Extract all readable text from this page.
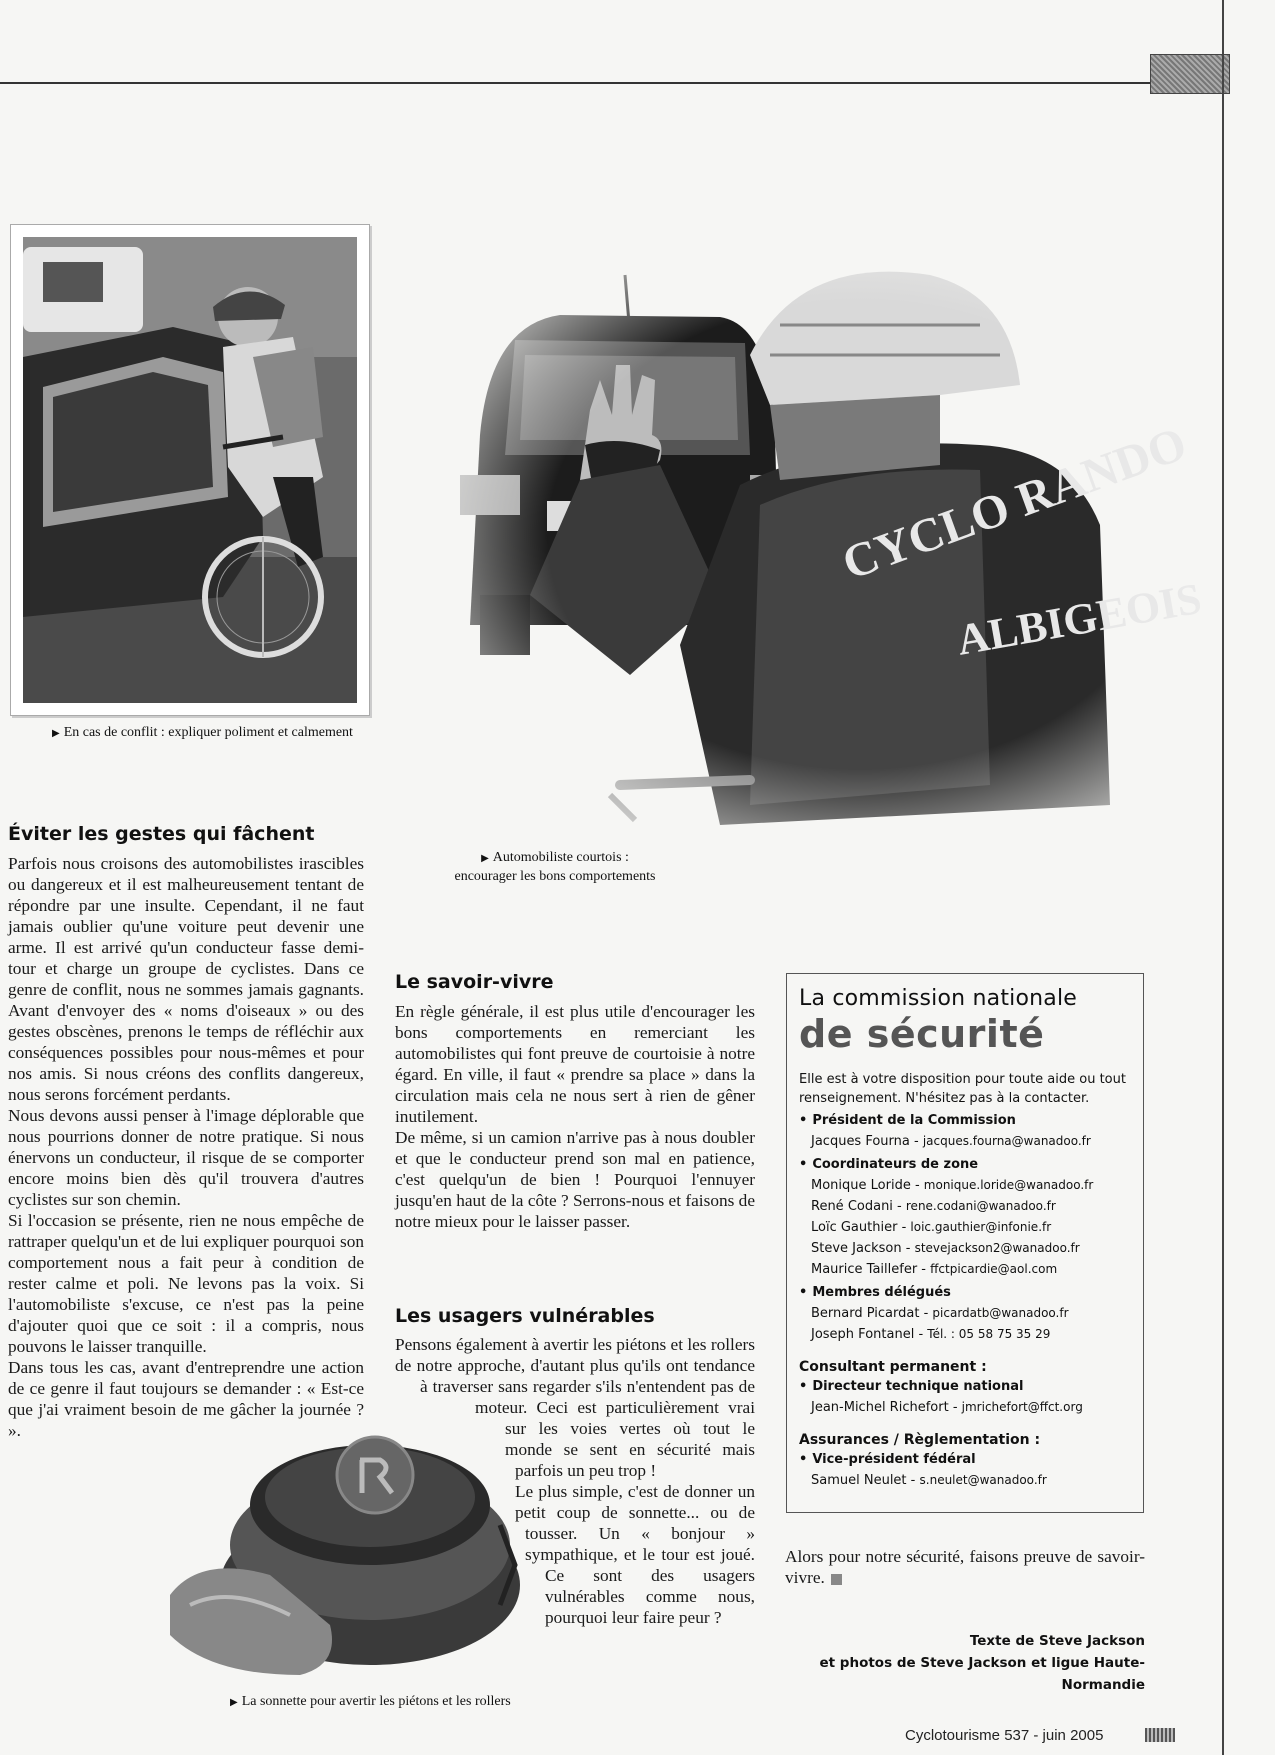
▶ En cas de conflit : expliquer poliment et calmement
▶ Automobiliste courtois :
encourager les bons comportements
Éviter les gestes qui fâchent

Parfois nous croisons des automobilistes irascibles ou dangereux et il est malheureusement tentant de répondre par une insulte. Cependant, il ne faut jamais oublier qu'une voiture peut devenir une arme. Il est arrivé qu'un conducteur fasse demi-tour et charge un groupe de cyclistes. Dans ce genre de conflit, nous ne sommes jamais gagnants. Avant d'envoyer des « noms d'oiseaux » ou des gestes obscènes, prenons le temps de réfléchir aux conséquences possibles pour nous-mêmes et pour nos amis. Si nous créons des conflits dangereux, nous serons forcément perdants.

Nous devons aussi penser à l'image déplorable que nous pourrions donner de notre pratique. Si nous énervons un conducteur, il risque de se comporter encore moins bien dès qu'il trouvera d'autres cyclistes sur son chemin.

Si l'occasion se présente, rien ne nous empêche de rattraper quelqu'un et de lui expliquer pourquoi son comportement nous a fait peur à condition de rester calme et poli. Ne levons pas la voix. Si l'automobiliste s'excuse, ce n'est pas la peine d'ajouter quoi que ce soit : il a compris, nous pouvons le laisser tranquille.

Dans tous les cas, avant d'entreprendre une action de ce genre il faut toujours se demander : « Est-ce que j'ai vraiment besoin de me gâcher la journée ? ».

Le savoir-vivre

En règle générale, il est plus utile d'encourager les bons comportements en remerciant les automobilistes qui font preuve de courtoisie à notre égard. En ville, il faut « prendre sa place » dans la circulation mais cela ne nous sert à rien de gêner inutilement.

De même, si un camion n'arrive pas à nous doubler et que le conducteur prend son mal en patience, c'est quelqu'un de bien ! Pourquoi l'ennuyer jusqu'en haut de la côte ? Serrons-nous et faisons de notre mieux pour le laisser passer.

Les usagers vulnérables

Pensons également à avertir les piétons et les rollers de notre approche, d'autant plus qu'ils ont tendance à traverser sans regarder s'ils n'entendent pas de moteur. Ceci est particulièrement vrai sur les voies vertes où tout le monde se sent en sécurité mais parfois un peu trop !

Le plus simple, c'est de donner un petit coup de sonnette... ou de tousser. Un « bonjour » sympathique, et le tour est joué. Ce sont des usagers vulnérables comme nous, pourquoi leur faire peur ?

Alors pour notre sécurité, faisons preuve de savoir-vivre.

▶ La sonnette pour avertir les piétons et les rollers
La commission nationale
de sécurité
Elle est à votre disposition pour toute aide ou tout renseignement. N'hésitez pas à la contacter.
• Président de la Commission
Jacques Fourna - jacques.fourna@wanadoo.fr
• Coordinateurs de zone
Monique Loride - monique.loride@wanadoo.fr
René Codani - rene.codani@wanadoo.fr
Loïc Gauthier - loic.gauthier@infonie.fr
Steve Jackson - stevejackson2@wanadoo.fr
Maurice Taillefer - ffctpicardie@aol.com
• Membres délégués
Bernard Picardat - picardatb@wanadoo.fr
Joseph Fontanel - Tél. : 05 58 75 35 29
Consultant permanent :
• Directeur technique national
Jean-Michel Richefort - jmrichefort@ffct.org
Assurances / Règlementation :
• Vice-président fédéral
Samuel Neulet - s.neulet@wanadoo.fr
Texte de Steve Jackson
et photos de Steve Jackson et ligue Haute-Normandie
Cyclotourisme 537 - juin 2005
